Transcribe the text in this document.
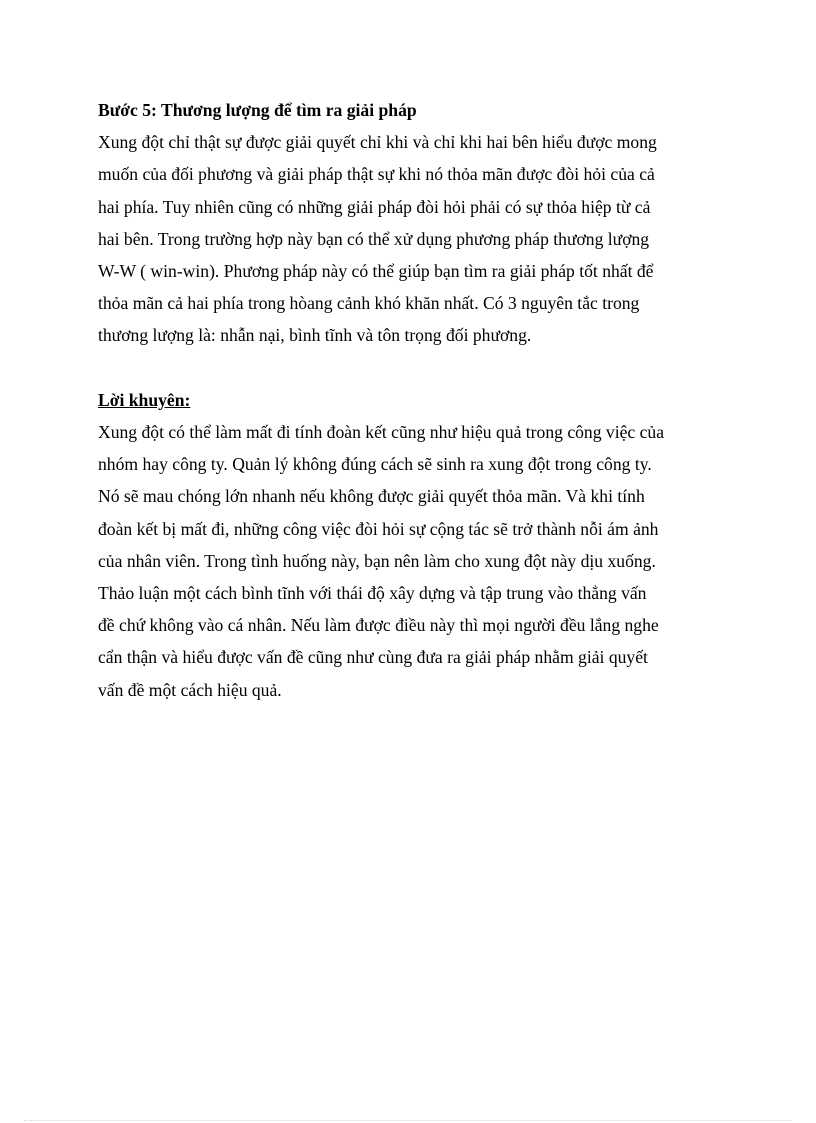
Bước 5: Thương lượng để tìm ra giải pháp

Xung đột chỉ thật sự được giải quyết chỉ khi và chỉ khi hai bên hiểu được mong
muốn của đối phương và giải pháp thật sự khi nó thỏa mãn được đòi hỏi của cả
hai phía. Tuy nhiên cũng có những giải pháp đòi hỏi phải có sự thỏa hiệp từ cả
hai bên. Trong trường hợp này bạn có thể xử dụng phương pháp thương lượng
W-W ( win-win). Phương pháp này có thể giúp bạn tìm ra giải pháp tốt nhất để
thỏa mãn cả hai phía trong hòang cảnh khó khăn nhất. Có 3 nguyên tắc trong
thương lượng là: nhẫn nại, bình tĩnh và tôn trọng đối phương.

Lời khuyên:

Xung đột có thể làm mất đi tính đoàn kết cũng như hiệu quả trong công việc của
nhóm hay công ty. Quản lý không đúng cách sẽ sinh ra xung đột trong công ty.
Nó sẽ mau chóng lớn nhanh nếu không được giải quyết thỏa mãn. Và khi tính
đoàn kết bị mất đi, những công việc đòi hỏi sự cộng tác sẽ trở thành nỗi ám ảnh
của nhân viên. Trong tình huống này, bạn nên làm cho xung đột này dịu xuống.
Thảo luận một cách bình tĩnh với thái độ xây dựng và tập trung vào thẳng vấn
đề chứ không vào cá nhân. Nếu làm được điều này thì mọi người đều lắng nghe
cẩn thận và hiểu được vấn đề cũng như cùng đưa ra giải pháp nhằm giải quyết
vấn đề một cách hiệu quả.
